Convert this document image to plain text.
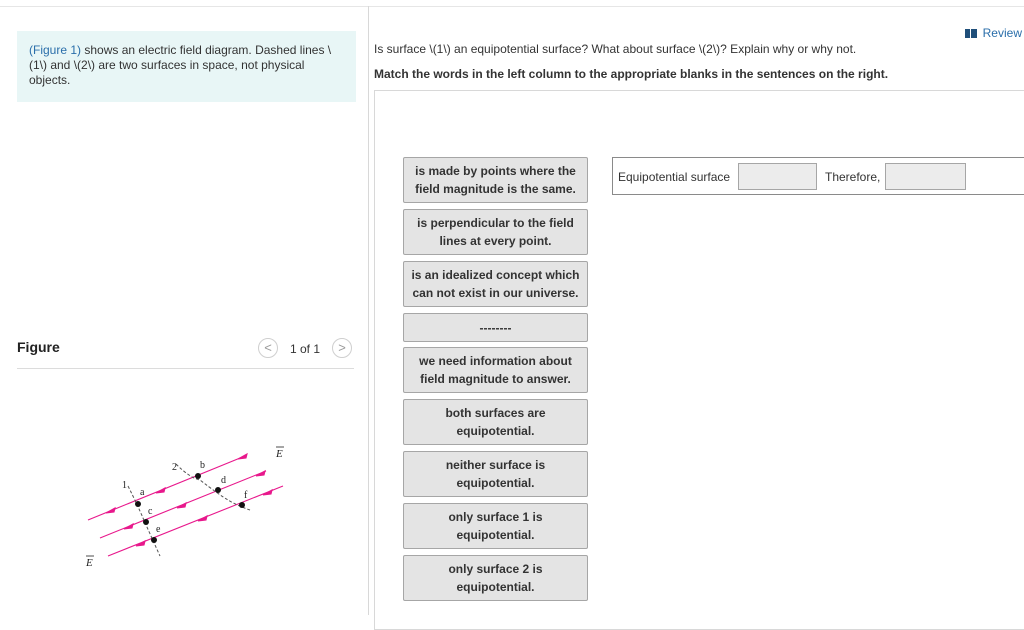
(Figure 1) shows an electric field diagram. Dashed lines \(1\) and \(2\) are two surfaces in space, not physical objects.
Figure	<	1 of 1	>
1
2
a
b
c
d
e
f
E
E
Review
Is surface \(1\) an equipotential surface? What about surface \(2\)? Explain why or why not.
Match the words in the left column to the appropriate blanks in the sentences on the right.
is made by points where the field magnitude is the same.
is perpendicular to the field lines at every point.
is an idealized concept which can not exist in our universe.
--------
we need information about field magnitude to answer.
both surfaces are equipotential.
neither surface is equipotential.
only surface 1 is equipotential.
only surface 2 is equipotential.
Equipotential surface	Therefore,
